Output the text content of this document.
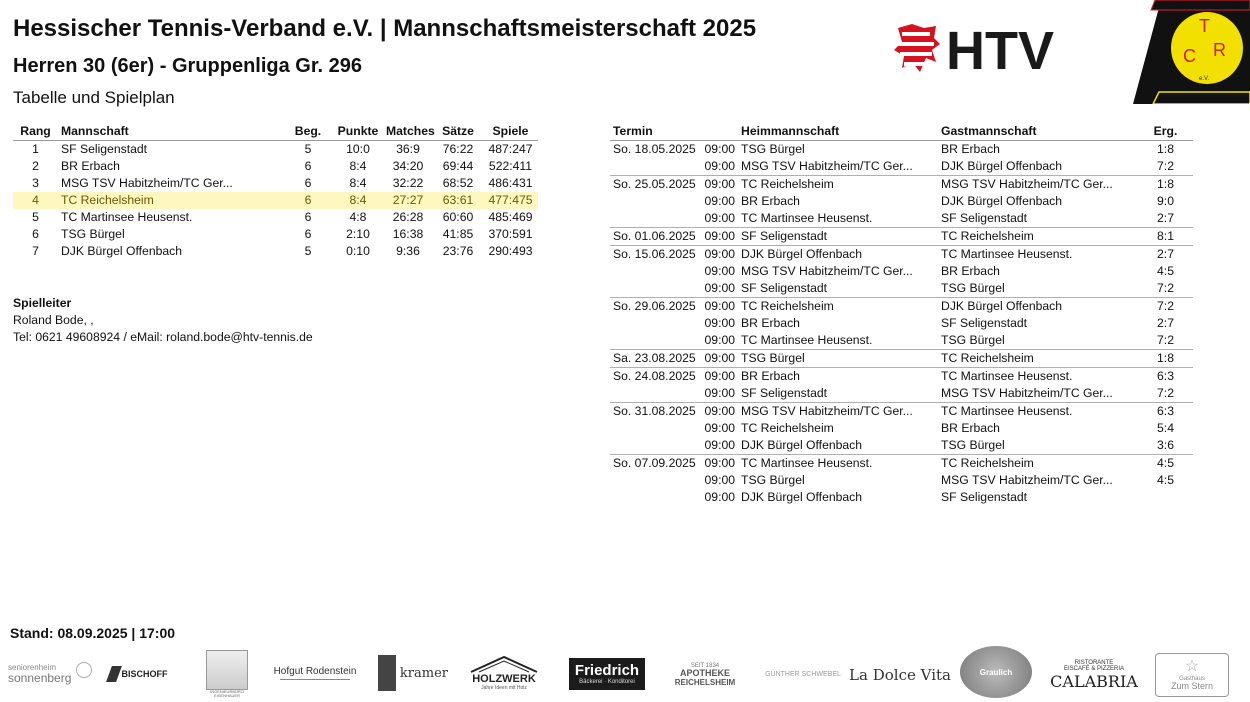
Hessischer Tennis-Verband e.V. | Mannschaftsmeisterschaft 2025
Herren 30 (6er) - Gruppenliga Gr. 296
Tabelle und Spielplan
HTV	T
C R
e.V.
Rang	Mannschaft	Beg.	Punkte	Matches	Sätze	Spiele
1	SF Seligenstadt	5	10:0	36:9	76:22	487:247
2	BR Erbach	6	8:4	34:20	69:44	522:411
3	MSG TSV Habitzheim/TC Ger...	6	8:4	32:22	68:52	486:431
4	TC Reichelsheim	6	8:4	27:27	63:61	477:475
5	TC Martinsee Heusenst.	6	4:8	26:28	60:60	485:469
6	TSG Bürgel	6	2:10	16:38	41:85	370:591
7	DJK Bürgel Offenbach	5	0:10	9:36	23:76	290:493
Spielleiter
Roland Bode, ,
Tel: 0621 49608924 / eMail: roland.bode@htv-tennis.de
Termin		Heimmannschaft	Gastmannschaft	Erg.
So. 18.05.2025	09:00	TSG Bürgel	BR Erbach	1:8
	09:00	MSG TSV Habitzheim/TC Ger...	DJK Bürgel Offenbach	7:2
So. 25.05.2025	09:00	TC Reichelsheim	MSG TSV Habitzheim/TC Ger...	1:8
	09:00	BR Erbach	DJK Bürgel Offenbach	9:0
	09:00	TC Martinsee Heusenst.	SF Seligenstadt	2:7
So. 01.06.2025	09:00	SF Seligenstadt	TC Reichelsheim	8:1
So. 15.06.2025	09:00	DJK Bürgel Offenbach	TC Martinsee Heusenst.	2:7
	09:00	MSG TSV Habitzheim/TC Ger...	BR Erbach	4:5
	09:00	SF Seligenstadt	TSG Bürgel	7:2
So. 29.06.2025	09:00	TC Reichelsheim	DJK Bürgel Offenbach	7:2
	09:00	BR Erbach	SF Seligenstadt	2:7
	09:00	TC Martinsee Heusenst.	TSG Bürgel	7:2
Sa. 23.08.2025	09:00	TSG Bürgel	TC Reichelsheim	1:8
So. 24.08.2025	09:00	BR Erbach	TC Martinsee Heusenst.	6:3
	09:00	SF Seligenstadt	MSG TSV Habitzheim/TC Ger...	7:2
So. 31.08.2025	09:00	MSG TSV Habitzheim/TC Ger...	TC Martinsee Heusenst.	6:3
	09:00	TC Reichelsheim	BR Erbach	5:4
	09:00	DJK Bürgel Offenbach	TSG Bürgel	3:6
So. 07.09.2025	09:00	TC Martinsee Heusenst.	TC Reichelsheim	4:5
	09:00	TSG Bürgel	MSG TSV Habitzheim/TC Ger...	4:5
	09:00	DJK Bürgel Offenbach	SF Seligenstadt	
Stand: 08.09.2025 | 17:00
seniorenheim
sonnenberg	BISCHOFF
INGENIEURBÜRO EISENHAUER
Hofgut Rodenstein	kramer HOLZWERK
Jahre Ideen mit Holz
Friedrich
Bäckerei · Konditorei
SEIT 1834
APOTHEKE
REICHELSHEIM
GÜNTHER SCHWEBEL La Dolce Vita	Graulich
RISTORANTE
EISCAFÉ & PIZZERIA
CALABRIA
☆
Gasthaus
Zum Stern
